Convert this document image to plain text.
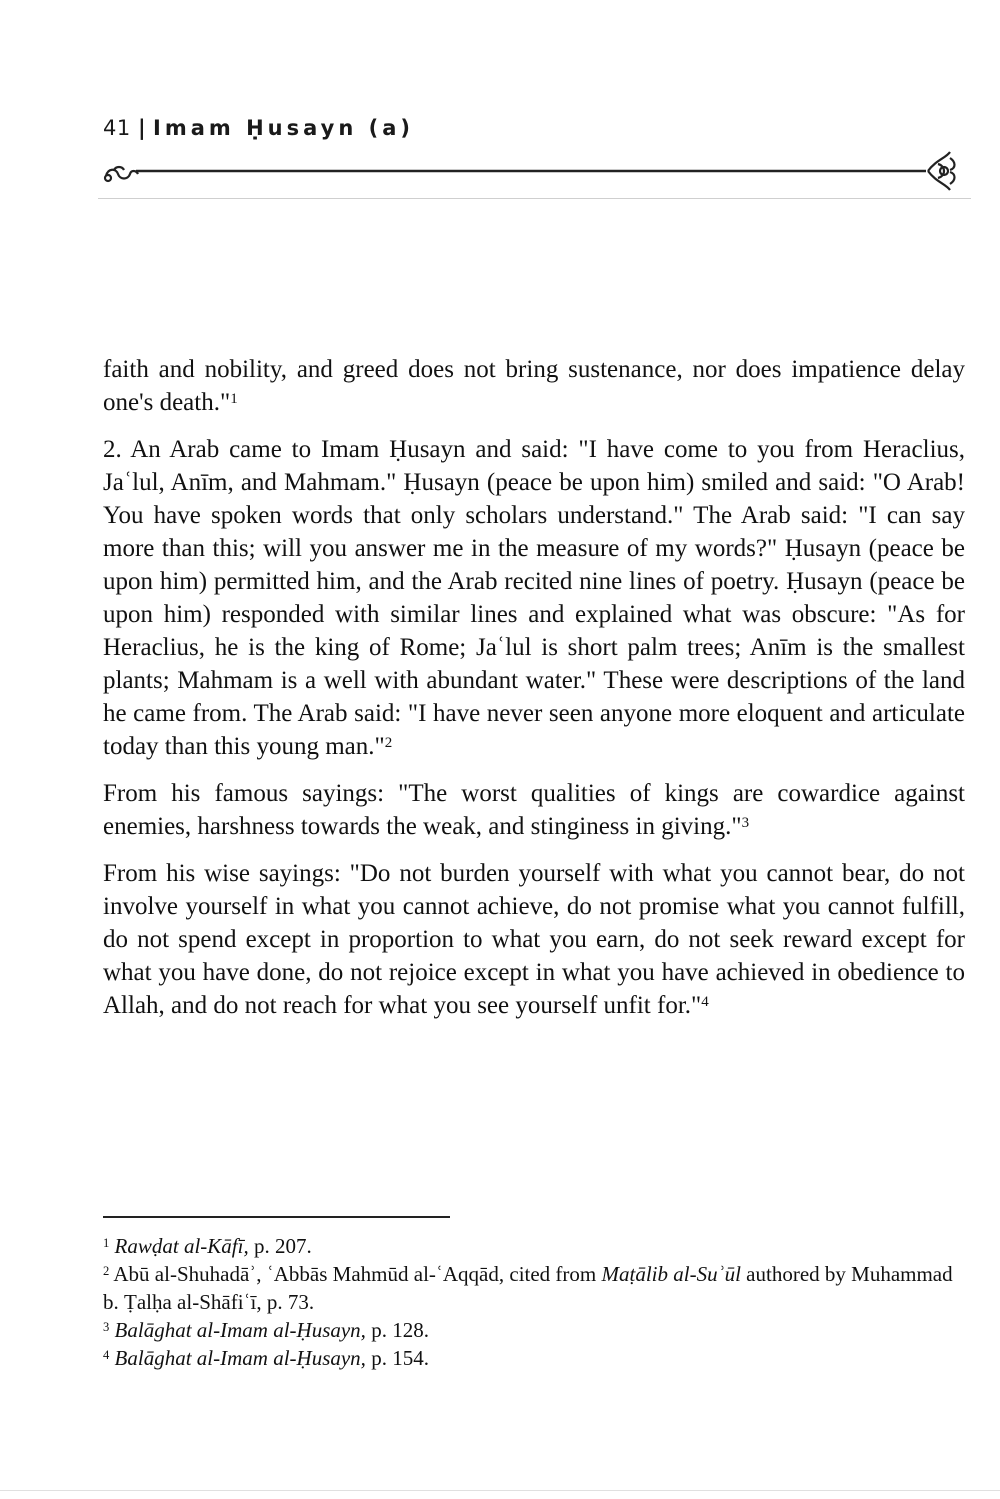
41 | Imam Ḥusayn (a)

faith and nobility, and greed does not bring sustenance, nor does impatience delay one's death."$^1$

2. An Arab came to Imam Ḥusayn and said: "I have come to you from Heraclius, Jaʿlul, Anīm, and Mahmam." Ḥusayn (peace be upon him) smiled and said: "O Arab! You have spoken words that only scholars understand." The Arab said: "I can say more than this; will you answer me in the measure of my words?" Ḥusayn (peace be upon him) permitted him, and the Arab recited nine lines of poetry. Ḥusayn (peace be upon him) responded with similar lines and explained what was obscure: "As for Heraclius, he is the king of Rome; Jaʿlul is short palm trees; Anīm is the smallest plants; Mahmam is a well with abundant water." These were descriptions of the land he came from. The Arab said: "I have never seen anyone more eloquent and articulate today than this young man."$^2$

From his famous sayings: "The worst qualities of kings are cowardice against enemies, harshness towards the weak, and stinginess in giving."$^3$

From his wise sayings: "Do not burden yourself with what you cannot bear, do not involve yourself in what you cannot achieve, do not promise what you cannot fulfill, do not spend except in proportion to what you earn, do not seek reward except for what you have done, do not rejoice except in what you have achieved in obedience to Allah, and do not reach for what you see yourself unfit for."$^4$

$^1$ Rawḍat al-Kāfī, p. 207.

$^2$ Abū al-Shuhadāʾ, ʿAbbās Mahmūd al-ʿAqqād, cited from Maṭālib al-Suʾūl authored by Muhammad b. Ṭalḥa al-Shāfiʿī, p. 73.

$^3$ Balāghat al-Imam al-Ḥusayn, p. 128.

$^4$ Balāghat al-Imam al-Ḥusayn, p. 154.
